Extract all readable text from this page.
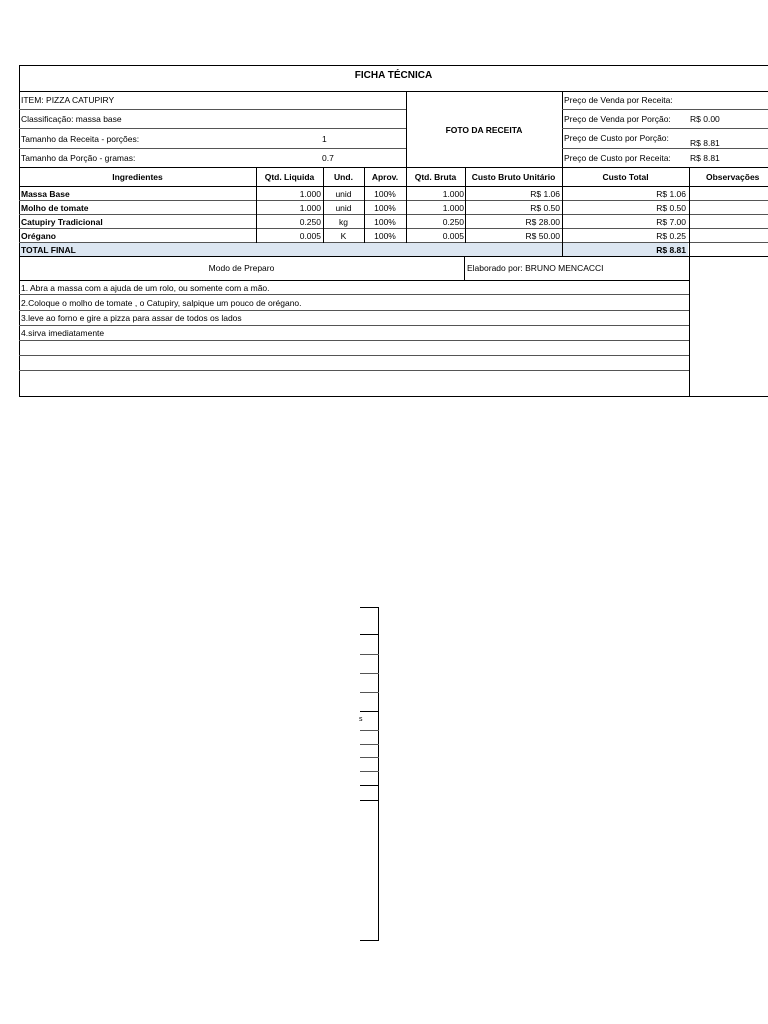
FICHA TÉCNICA
ITEM: PIZZA CATUPIRY
Classificação: massa base
Tamanho da Receita - porções:	1
Tamanho da Porção - gramas:	0.7
FOTO DA RECEITA
Preço de Venda por Receita:
Preço de Venda por Porção: R$ 0.00
Preço de Custo por Porção: R$ 8.81
Preço de Custo por Receita: R$ 8.81
Ingredientes	Qtd. Liquida	Und.	Aprov.	Qtd. Bruta	Custo Bruto Unitário	Custo Total	Observações
Massa Base	1.000	unid	100%	1.000	R$ 1.06	R$ 1.06
Molho de tomate	1.000	unid	100%	1.000	R$ 0.50	R$ 0.50
Catupiry Tradicional	0.250	kg	100%	0.250	R$ 28.00	R$ 7.00
Orégano	0.005	K	100%	0.005	R$ 50.00	R$ 0.25
TOTAL FINAL	R$ 8.81
Modo de Preparo	Elaborado por: BRUNO MENCACCI
1. Abra a massa com a ajuda de um rolo, ou somente com a mão.
2.Coloque o molho de tomate , o Catupiry, salpique um pouco de orégano.
3.leve ao forno e gire a pizza para assar de todos os lados
4.sirva imediatamente
s
